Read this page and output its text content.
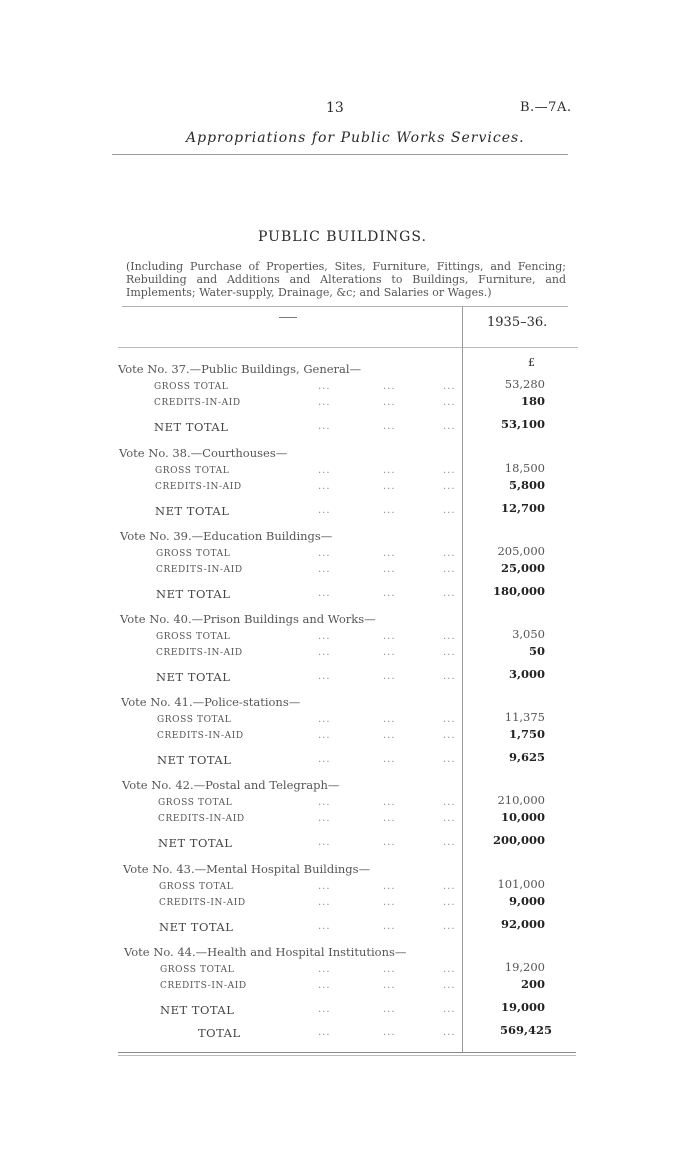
13	B.—7A.
Appropriations for Public Works Services.
PUBLIC BUILDINGS.
(Including Purchase of Properties, Sites, Furniture, Fittings, and Fencing; Rebuilding and Additions and Alterations to Buildings, Furniture, and Implements; Water-supply, Drainage, &c; and Salaries or Wages.)
1935–36.
£
Vote No. 37.—Public Buildings, General—
GROSS TOTAL	...	...	...	53,280
CREDITS-IN-AID	...	...	...	180
NET TOTAL	...	...	...	53,100
Vote No. 38.—Courthouses—
GROSS TOTAL	...	...	...	18,500
CREDITS-IN-AID	...	...	...	5,800
NET TOTAL	...	...	...	12,700
Vote No. 39.—Education Buildings—
GROSS TOTAL	...	...	...	205,000
CREDITS-IN-AID	...	...	...	25,000
NET TOTAL	...	...	...	180,000
Vote No. 40.—Prison Buildings and Works—
GROSS TOTAL	...	...	...	3,050
CREDITS-IN-AID	...	...	...	50
NET TOTAL	...	...	...	3,000
Vote No. 41.—Police-stations—
GROSS TOTAL	...	...	...	11,375
CREDITS-IN-AID	...	...	...	1,750
NET TOTAL	...	...	...	9,625
Vote No. 42.—Postal and Telegraph—
GROSS TOTAL	...	...	...	210,000
CREDITS-IN-AID	...	...	...	10,000
NET TOTAL	...	...	...	200,000
Vote No. 43.—Mental Hospital Buildings—
GROSS TOTAL	...	...	...	101,000
CREDITS-IN-AID	...	...	...	9,000
NET TOTAL	...	...	...	92,000
Vote No. 44.—Health and Hospital Institutions—
GROSS TOTAL	...	...	...	19,200
CREDITS-IN-AID	...	...	...	200
NET TOTAL	...	...	...	19,000
TOTAL	...	...	...	569,425
